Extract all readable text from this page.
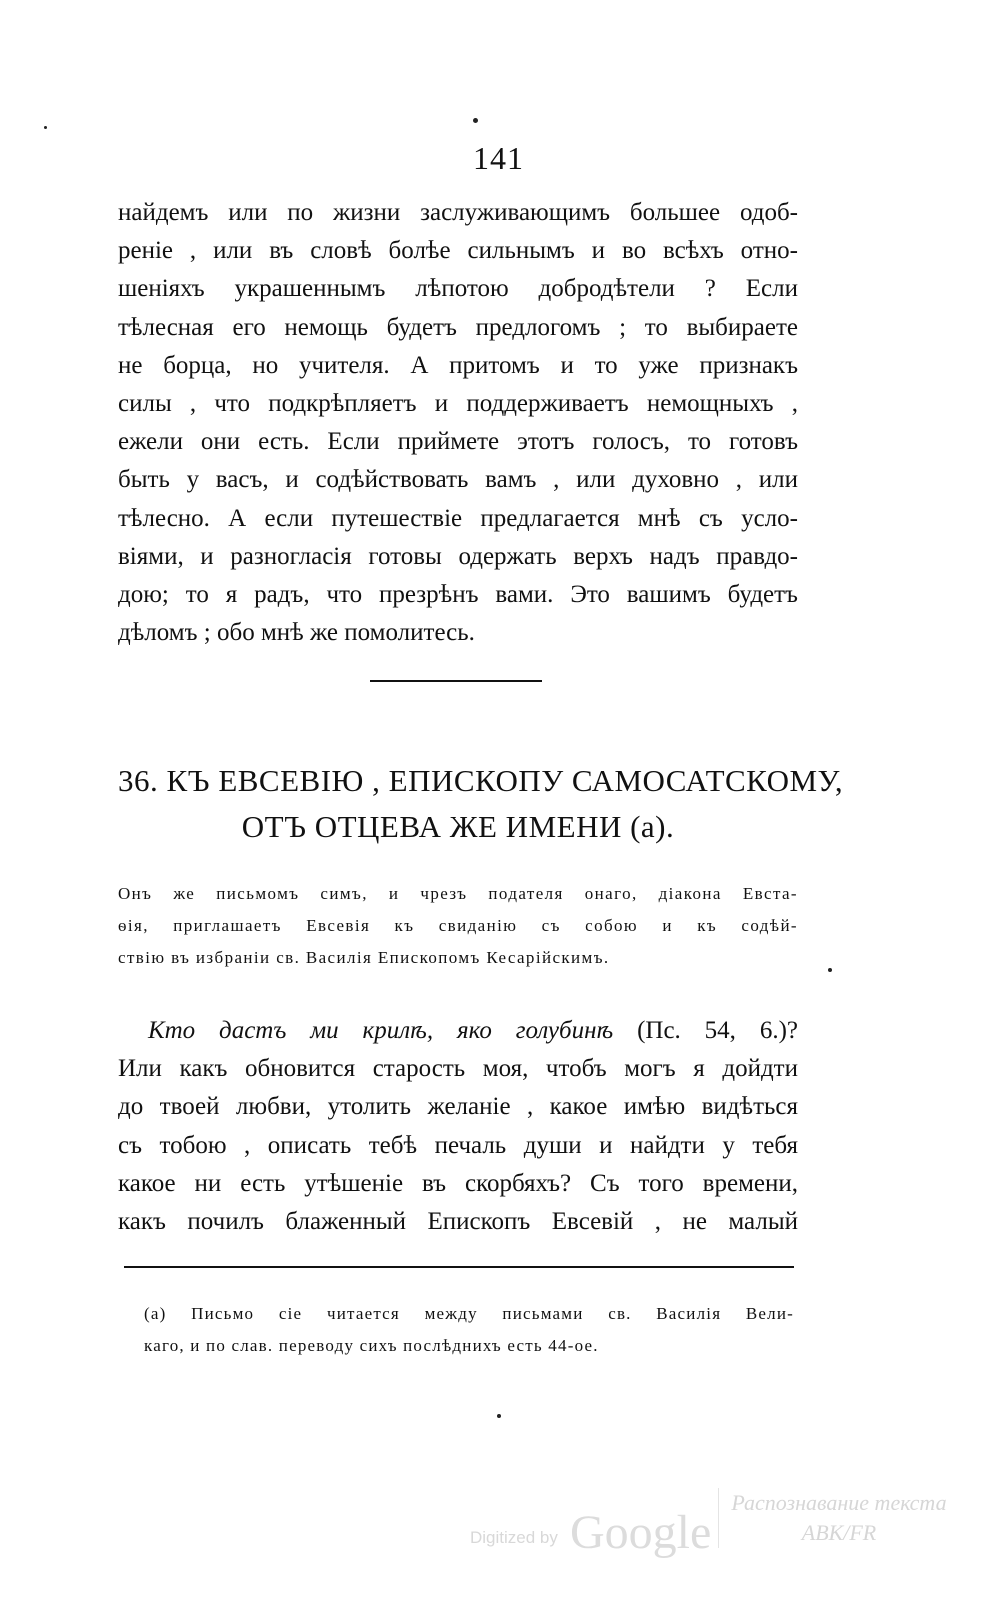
141
найдемъ или по жизни заслуживающимъ большее одоб-
реніе , или въ словѣ болѣе сильнымъ и во всѣхъ отно-
шеніяхъ украшеннымъ лѣпотою добродѣтели ? Если
тѣлесная его немощь будетъ предлогомъ ; то выбираете
не борца, но учителя. А притомъ и то уже признакъ
силы , что подкрѣпляетъ и поддерживаетъ немощныхъ ,
ежели они есть. Если приймете этотъ голосъ, то готовъ
быть у васъ, и содѣйствовать вамъ , или духовно , или
тѣлесно. А если путешествіе предлагается мнѣ съ усло-
віями, и разногласія готовы одержать верхъ надъ правдо-
дою; то я радъ, что презрѣнъ вами. Это вашимъ будетъ
дѣломъ ; обо мнѣ же помолитесь.
36. КЪ ЕВСЕВІЮ , ЕПИСКОПУ САМОСАТСКОМУ,
ОТЪ ОТЦЕВА ЖЕ ИМЕНИ (а).
Онъ же письмомъ симъ, и чрезъ подателя онаго, діакона Евста-
ѳія, приглашаетъ Евсевія къ свиданію съ собою и къ содѣй-
ствію въ избраніи св. Василія Епископомъ Кесарійскимъ.
Кто дастъ ми крилѣ, яко голубинѣ (Пс. 54, 6.)?
Или какъ обновится старость моя, чтобъ могъ я дойдти
до твоей любви, утолить желаніе , какое имѣю видѣться
съ тобою , описать тебѣ печаль души и найдти у тебя
какое ни есть утѣшеніе въ скорбяхъ? Съ того времени,
какъ почилъ блаженный Епископъ Евсевій , не малый
(а) Письмо сіе читается между письмами св. Василія Вели-
каго, и по слав. переводу сихъ послѣднихъ есть 44-ое.
Digitized by Google
Распознавание текста
АВК/FR
